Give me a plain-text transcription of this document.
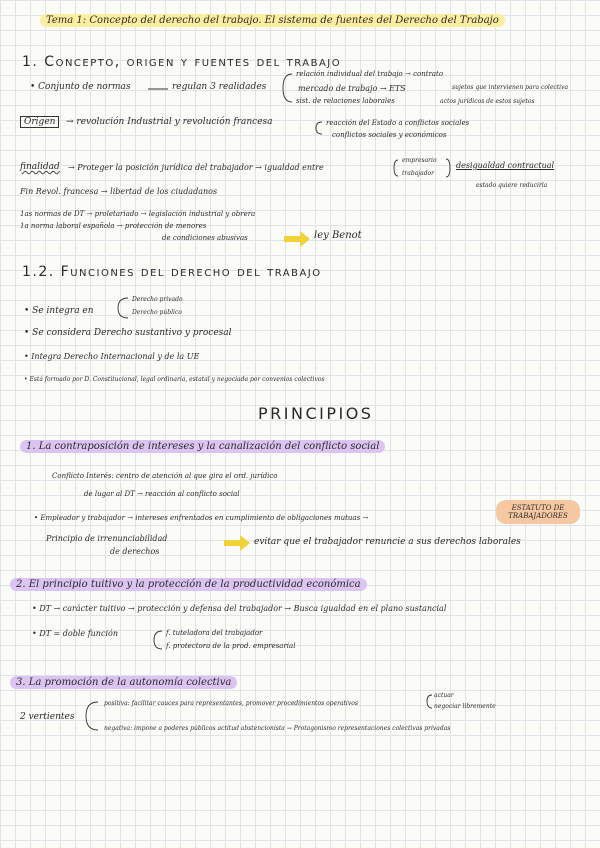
Tema 1: Concepto del derecho del trabajo. El sistema de fuentes del Derecho del Trabajo
1. Concepto, origen y fuentes del trabajo
• Conjunto de normas	regulan 3 realidades
relación individual del trabajo → contrato
mercado de trabajo → ETS	sujetos que intervienen para colectiva
sist. de relaciones laborales	actos jurídicos de estos sujetos
Origen	→ revolución Industrial y revolución francesa	reacción del Estado a conflictos sociales
conflictos sociales y económicos
finalidad → Proteger la posición jurídica del trabajador → igualdad entre
empresario
trabajador
desigualdad contractual
estado quiere reducirla
Fin Revol. francesa → libertad de los ciudadanos
1as normas de DT → proletariado → legislación industrial y obrera
1a norma laboral española → protección de menores
de condiciones abusivas	ley Benot
1.2. Funciones del derecho del trabajo
• Se integra en
Derecho privado
Derecho público
• Se considera Derecho sustantivo y procesal
• Integra Derecho Internacional y de la UE
• Está formado por D. Constitucional, legal ordinaria, estatal y negociada por convenios colectivos
PRINCIPIOS
1. La contraposición de intereses y la canalización del conflicto social
Conflicto Interés: centro de atención al que gira el ord. jurídico
de lugar al DT → reacción al conflicto social
• Empleador y trabajador → intereses enfrentados en cumplimiento de obligaciones mutuas →
ESTATUTO DE TRABAJADORES
Principio de irrenunciabilidad
de derechos
evitar que el trabajador renuncie a sus derechos laborales
2. El principio tuitivo y la protección de la productividad económica
• DT → carácter tuitivo → protección y defensa del trabajador → Busca igualdad en el plano sustancial
• DT = doble función	f. tuteladora del trabajador
f. protectora de la prod. empresarial
3. La promoción de la autonomía colectiva
2 vertientes
positiva: facilitar cauces para representantes, promover procedimientos operativos
actuar
negociar libremente
negativa: impone a poderes públicos actitud abstencionista → Protagonismo representaciones colectivas privadas
